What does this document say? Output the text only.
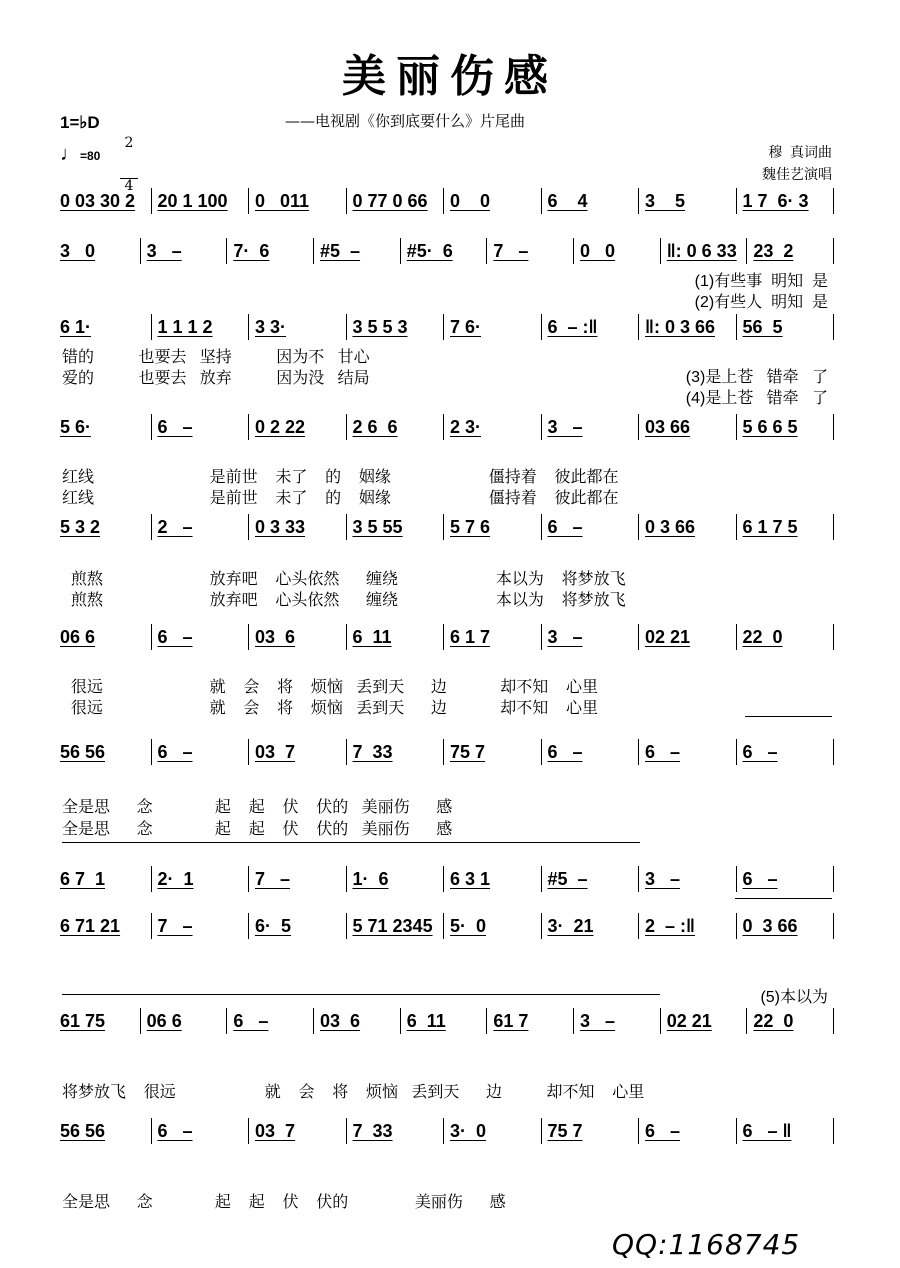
美丽伤感
——电视剧《你到底要什么》片尾曲
1=♭D

2

4

♩=80	穆  真词曲
魏佳艺演唱
0 03 30 2	20 1 100	0   011	0 77 0 66	0    0	6    4	3    5	1 7  6· 3
3   0	3   –	7·  6	#5  –	#5·  6	7   –	0   0	‖: 0 6 33 23  2
6 1·	1 1 1 2	3 3·	3 5 5 3	7 6·	6  – :‖	‖: 0 3 66	56  5
5 6·	6   –	0 2 22	2 6  6	2 3·	3   –	03 66	5 6 6 5
5 3 2	2   –	0 3 33	3 5 55	5 7 6	6   –	0 3 66	6 1 7 5
06 6	6   –	03  6	6  11	6 1 7	3   –	02 21	22  0
56 56	6   –	03  7	7  33	75 7	6   –	6   –	6   –
6 7  1	2·  1	7   –	1·  6	6 3 1	#5  –	3   –	6   –
6 71 21	7   –	6·  5	5 71 2345 5·  0	3·  21	2  – :‖	0  3 66
61 75	06 6	6   –	03  6	6  11	61 7	3   –	02 21	22  0
56 56	6   –	03  7	7  33	3·  0	75 7	6   –	6   – ‖
(1)有些事  明知  是
(2)有些人  明知  是
错的          也要去   坚持          因为不   甘心
爱的          也要去   放弃          因为没   结局	(3)是上苍   错牵   了
(4)是上苍   错牵   了
红线                          是前世    未了    的    姻缘                      僵持着    彼此都在
红线                          是前世    未了    的    姻缘                      僵持着    彼此都在
煎熬                        放弃吧    心头依然      缠绕                      本以为    将梦放飞
煎熬                        放弃吧    心头依然      缠绕                      本以为    将梦放飞
很远                        就    会    将    烦恼   丢到天      边            却不知    心里
很远                        就    会    将    烦恼   丢到天      边            却不知    心里
全是思      念              起    起    伏    伏的   美丽伤      感
全是思      念              起    起    伏    伏的   美丽伤      感
(5)本以为
将梦放飞    很远                    就    会    将    烦恼   丢到天      边          却不知    心里
全是思      念              起    起    伏    伏的               美丽伤      感
QQ:1168745
